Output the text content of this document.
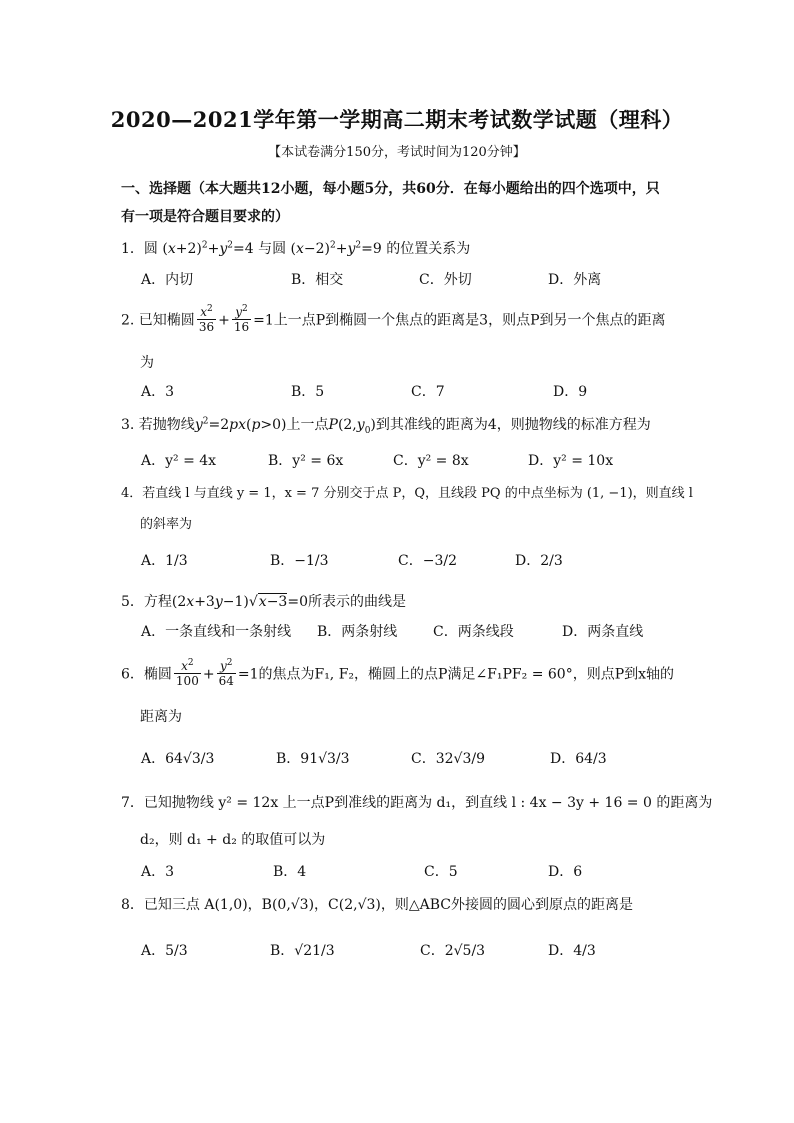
2020—2021学年第一学期高二期末考试数学试题（理科）
【本试卷满分150分，考试时间为120分钟】
一、选择题（本大题共12小题，每小题5分，共60分．在每小题给出的四个选项中，只
有一项是符合题目要求的）
1．圆 $(x+2)^2+y^2=4$ 与圆 $(x-2)^2+y^2=9$ 的位置关系为
A．内切	B．相交	C．外切	D．外离
2. 已知椭圆 $\frac{x^2}{36} + \frac{y^2}{16} =1$上一点P到椭圆一个焦点的距离是3，则点P到另一个焦点的距离
为
A．3	B．5	C．7	D．9
3. 若抛物线$y^2=2px(p>0)$上一点$P(2,y_0)$到其准线的距离为4，则抛物线的标准方程为
A．y² = 4x	B．y² = 6x	C．y² = 8x	D．y² = 10x
4．若直线 l 与直线 y = 1，x = 7 分别交于点 P，Q，且线段 PQ 的中点坐标为 (1, −1)，则直线 l
的斜率为
A．1/3	B．−1/3	C．−3/2	D．2/3
5．方程(2x+3y−1)√x−3=0所表示的曲线是
A．一条直线和一条射线 B．两条射线	C．两条线段	D．两条直线
6．椭圆 $\frac{x^2}{100} + \frac{y^2}{64} =1$的焦点为F₁, F₂，椭圆上的点P满足∠F₁PF₂ = 60°，则点P到x轴的
距离为
A．64√3/3	B．91√3/3	C．32√3/9	D．64/3
7．已知抛物线 y² = 12x 上一点P到准线的距离为 d₁，到直线 l : 4x − 3y + 16 = 0 的距离为
d₂，则 d₁ + d₂ 的取值可以为
A．3	B．4	C．5	D．6
8．已知三点 A(1,0)，B(0,√3)，C(2,√3)，则△ABC外接圆的圆心到原点的距离是
A．5/3	B．√21/3	C．2√5/3	D．4/3
